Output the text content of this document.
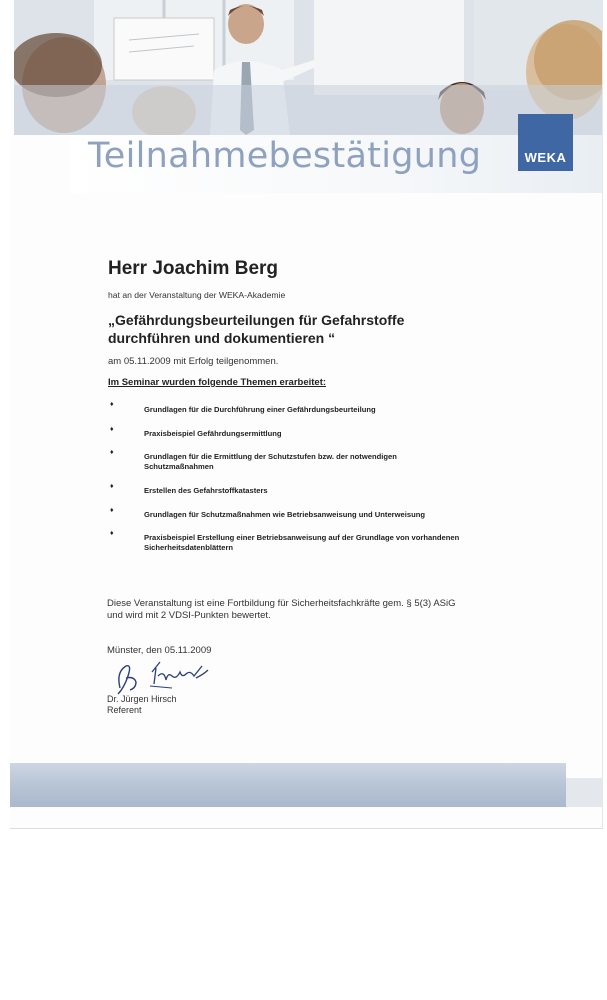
Teilnahmebestätigung	WEKA
Herr Joachim Berg
hat an der Veranstaltung der WEKA-Akademie
„Gefährdungsbeurteilungen für Gefahrstoffe
durchführen und dokumentieren “
am 05.11.2009 mit Erfolg teilgenommen.
Im Seminar wurden folgende Themen erarbeitet:
♦
Grundlagen für die Durchführung einer Gefährdungsbeurteilung
♦	Praxisbeispiel Gefährdungsermittlung
♦	Grundlagen für die Ermittlung der Schutzstufen bzw. der notwendigen
Schutzmaßnahmen
♦	Erstellen des Gefahrstoffkatasters
♦	Grundlagen für Schutzmaßnahmen wie Betriebsanweisung und Unterweisung
♦	Praxisbeispiel Erstellung einer Betriebsanweisung auf der Grundlage von vorhandenen
Sicherheitsdatenblättern
Diese Veranstaltung ist eine Fortbildung für Sicherheitsfachkräfte gem. § 5(3) ASiG
und wird mit 2 VDSI-Punkten bewertet.
Münster, den 05.11.2009
Dr. Jürgen Hirsch
Referent
